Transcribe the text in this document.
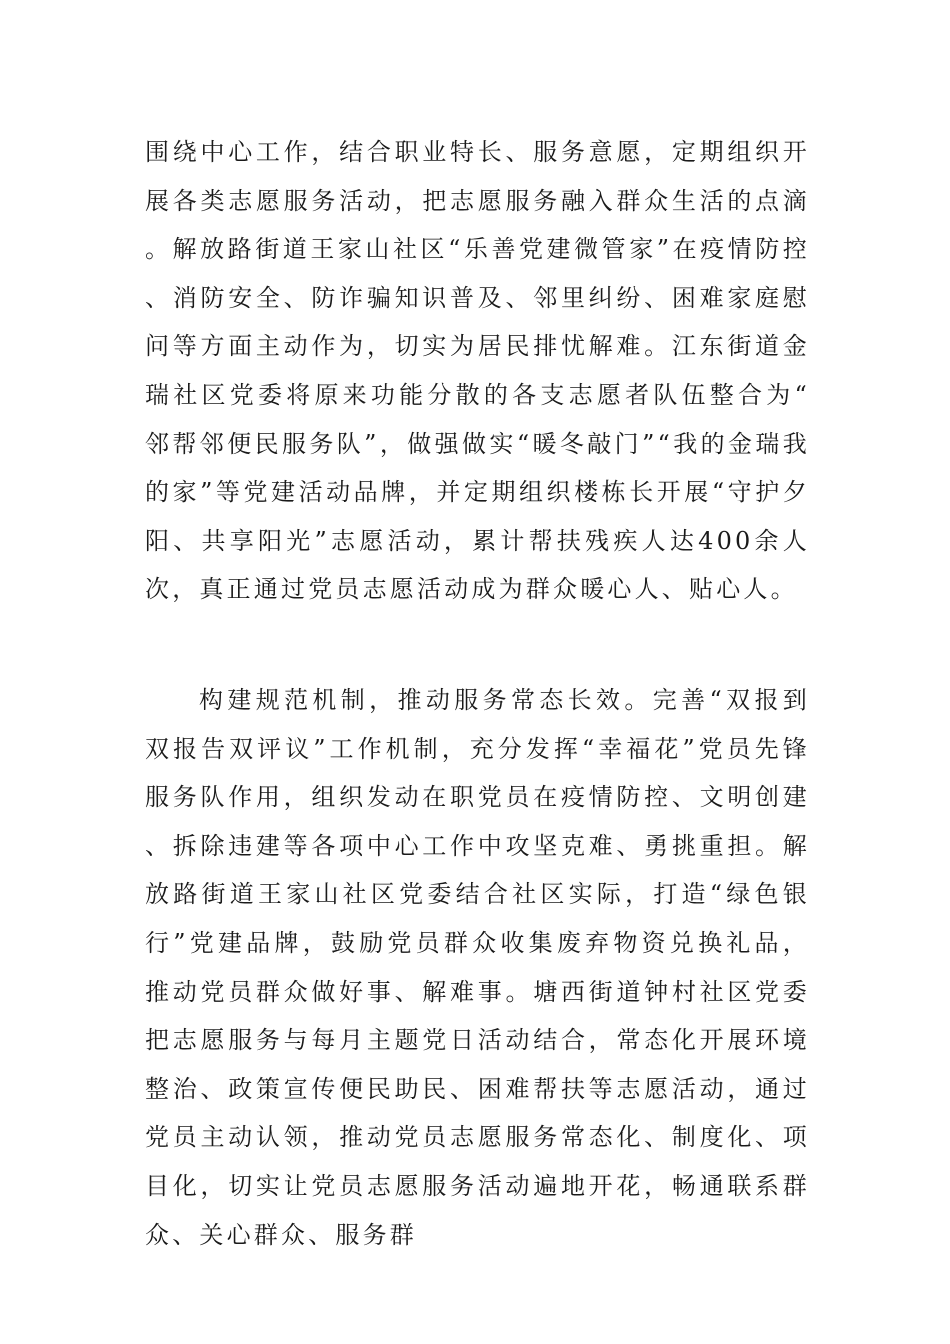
围绕中心工作，结合职业特长、服务意愿，定期组织开展各类志愿服务活动，把志愿服务融入群众生活的点滴。解放路街道王家山社区“乐善党建微管家”在疫情防控、消防安全、防诈骗知识普及、邻里纠纷、困难家庭慰问等方面主动作为，切实为居民排忧解难。江东街道金瑞社区党委将原来功能分散的各支志愿者队伍整合为“邻帮邻便民服务队”，做强做实“暖冬敲门”“我的金瑞我的家”等党建活动品牌，并定期组织楼栋长开展“守护夕阳、共享阳光”志愿活动，累计帮扶残疾人达400余人次，真正通过党员志愿活动成为群众暖心人、贴心人。

构建规范机制，推动服务常态长效。完善“双报到双报告双评议”工作机制，充分发挥“幸福花”党员先锋服务队作用，组织发动在职党员在疫情防控、文明创建、拆除违建等各项中心工作中攻坚克难、勇挑重担。解放路街道王家山社区党委结合社区实际，打造“绿色银行”党建品牌，鼓励党员群众收集废弃物资兑换礼品，推动党员群众做好事、解难事。塘西街道钟村社区党委把志愿服务与每月主题党日活动结合，常态化开展环境整治、政策宣传便民助民、困难帮扶等志愿活动，通过党员主动认领，推动党员志愿服务常态化、制度化、项目化，切实让党员志愿服务活动遍地开花，畅通联系群众、关心群众、服务群
